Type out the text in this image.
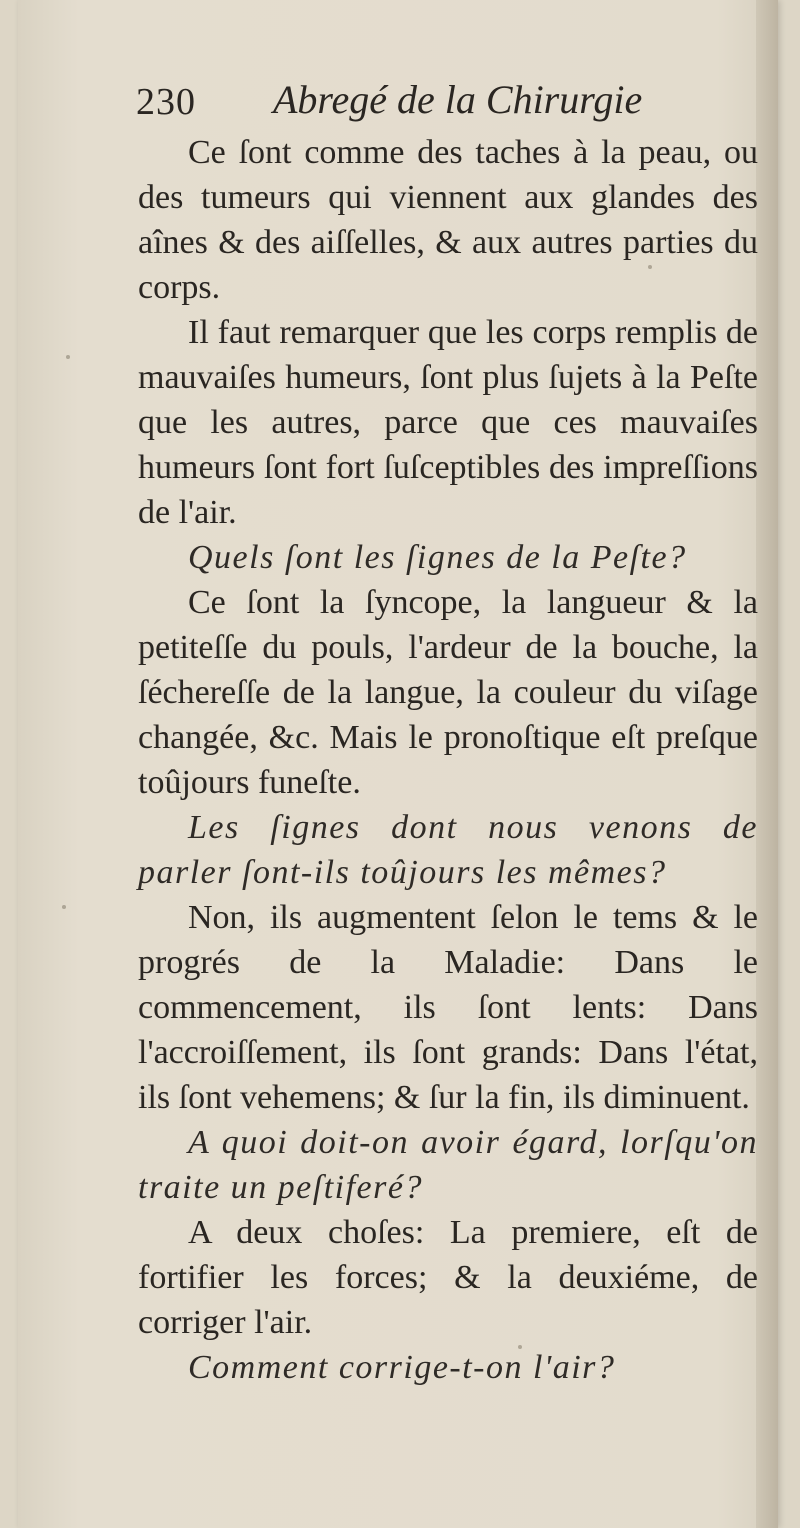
230 Abregé de la Chirurgie

Ce ſont comme des taches à la peau, ou des tumeurs qui viennent aux glandes des aînes & des aiſſelles, & aux autres parties du corps.

Il faut remarquer que les corps remplis de mauvaiſes humeurs, ſont plus ſujets à la Peſte que les autres, parce que ces mauvaiſes humeurs ſont fort ſuſceptibles des impreſſions de l'air.

Quels ſont les ſignes de la Peſte?

Ce ſont la ſyncope, la langueur & la petiteſſe du pouls, l'ardeur de la bouche, la ſéchereſſe de la langue, la couleur du viſage changée, &c. Mais le pronoſtique eſt preſque toûjours funeſte.

Les ſignes dont nous venons de parler ſont-ils toûjours les mêmes?

Non, ils augmentent ſelon le tems & le progrés de la Maladie: Dans le commencement, ils ſont lents: Dans l'accroiſſement, ils ſont grands: Dans l'état, ils ſont vehemens; & ſur la fin, ils diminuent.

A quoi doit-on avoir égard, lorſqu'on traite un peſtiferé?

A deux choſes: La premiere, eſt de fortifier les forces; & la deuxiéme, de corriger l'air.

Comment corrige-t-on l'air?
